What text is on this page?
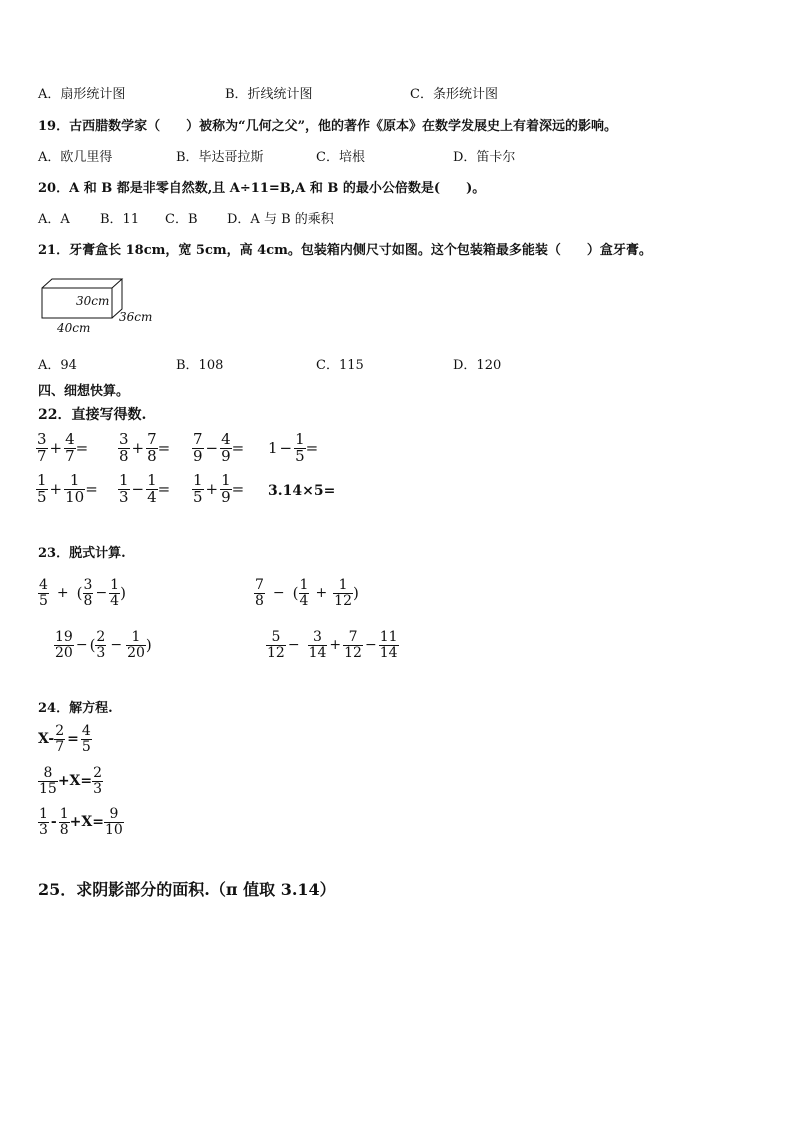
A．扇形统计图	B．折线统计图	C．条形统计图
19．古西腊数学家（　　）被称为“几何之父”，他的著作《原本》在数学发展史上有着深远的影响。
A．欧几里得	B．毕达哥拉斯	C．培根	D．笛卡尔
20．A 和 B 都是非零自然数,且 A÷11=B,A 和 B 的最小公倍数是(　　)。
A．A B．11 C．B D．A 与 B 的乘积
21．牙膏盒长 18cm，宽 5cm，高 4cm。包装箱内侧尺寸如图。这个包装箱最多能装（　　）盒牙膏。
30cm
36cm
40cm
A．94	B．108	C．115	D．120
四、细想快算。
22．直接写得数.
$\frac{3}{7} + \frac{4}{7} = \frac{3}{8} + \frac{7}{8} = \frac{7}{9} - \frac{4}{9} = 1 - \frac{1}{5}$ =
$\frac{1}{5} + \frac{1}{10} = \frac{1}{3} - \frac{1}{4} = \frac{1}{5} + \frac{1}{9} = 3.14\times 5=$
23．脱式计算.
$\frac{4}{5}$ + ( $\frac{3}{8} - \frac{1}{4}$ )	$\frac{7}{8}$ − ( $\frac{1}{4} + \frac{1}{12}$ )
$\frac{19}{20}$ − ( $\frac{2}{3} - \frac{1}{20}$ )	$\frac{5}{12} - \frac{3}{14} + \frac{7}{12} - \frac{11}{14}$
24．解方程.
$X- \frac{2}{7} = \frac{4}{5}$
$\frac{8}{15} +X= \frac{2}{3}$
$\frac{1}{3} - \frac{1}{8} +X= \frac{9}{10}$
25．求阴影部分的面积.（π 值取 3.14）
